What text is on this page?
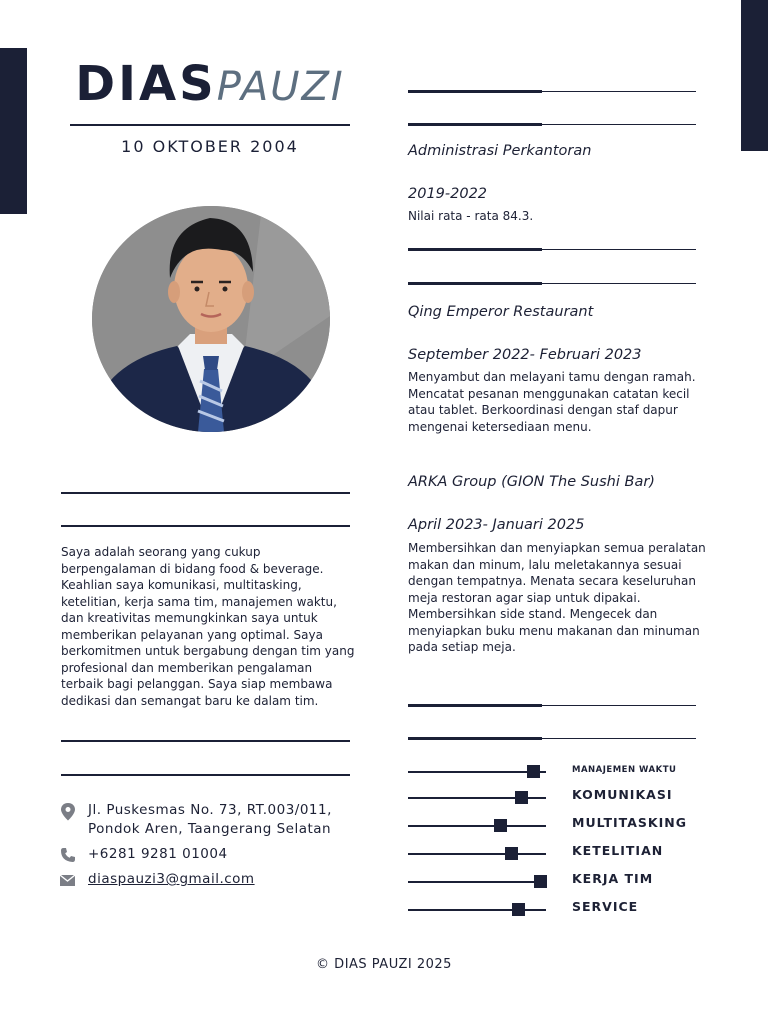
DIASPAUZI
10 OKTOBER 2004
Saya adalah seorang yang cukup berpengalaman di bidang food & beverage. Keahlian saya komunikasi, multitasking, ketelitian, kerja sama tim, manajemen waktu, dan kreativitas memungkinkan saya untuk memberikan pelayanan yang optimal. Saya berkomitmen untuk bergabung dengan tim yang profesional dan memberikan pengalaman terbaik bagi pelanggan. Saya siap membawa dedikasi dan semangat baru ke dalam tim.
Jl. Puskesmas No. 73, RT.003/011,
Pondok Aren, Taangerang Selatan
+6281 9281 01004
diaspauzi3@gmail.com
Administrasi Perkantoran
2019-2022
Nilai rata - rata 84.3.
Qing Emperor Restaurant
September 2022- Februari 2023
Menyambut dan melayani tamu dengan ramah. Mencatat pesanan menggunakan catatan kecil atau tablet. Berkoordinasi dengan staf dapur mengenai ketersediaan menu.
ARKA Group (GION The Sushi Bar)
April 2023- Januari 2025
Membersihkan dan menyiapkan semua peralatan makan dan minum, lalu meletakannya sesuai dengan tempatnya. Menata secara keseluruhan meja restoran agar siap untuk dipakai. Membersihkan side stand. Mengecek dan menyiapkan buku menu makanan dan minuman pada setiap meja.
MANAJEMEN WAKTU
KOMUNIKASI
MULTITASKING
KETELITIAN
KERJA TIM
SERVICE
© DIAS PAUZI 2025
